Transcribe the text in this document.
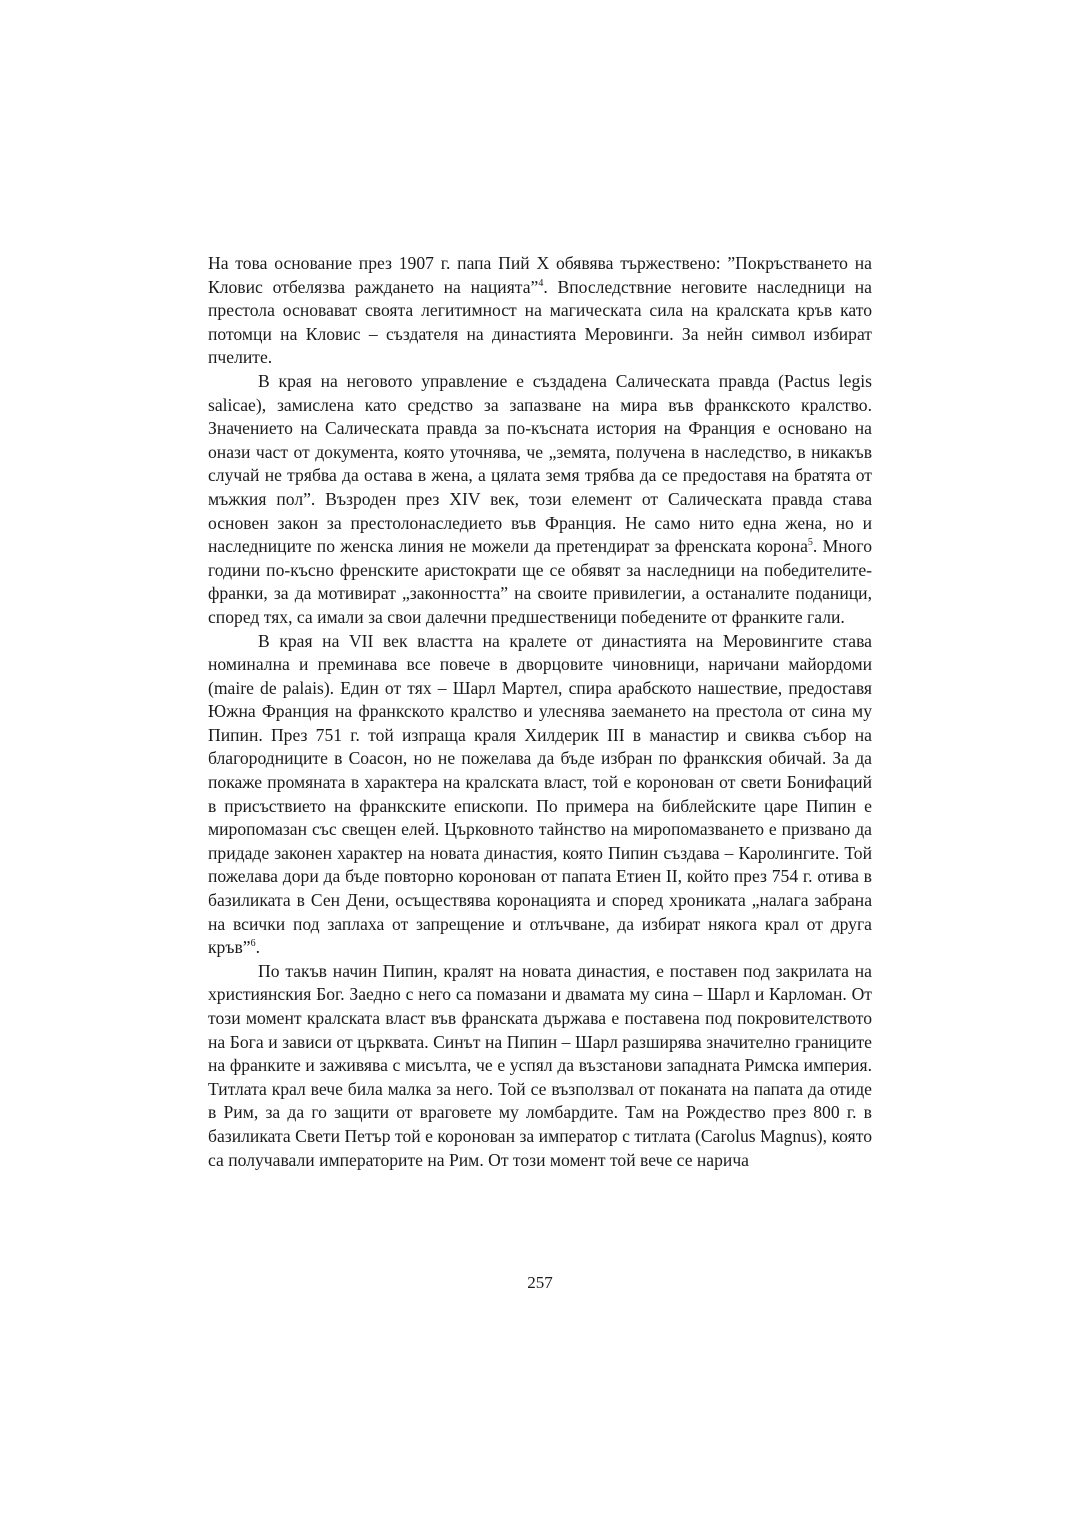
На това основание през 1907 г. папа Пий X обявява тържествено: ”Покръстването на Кловис отбелязва раждането на нацията”$^4$. Впоследствние неговите наследници на престола основават своята легитимност на магическата сила на кралската кръв като потомци на Кловис – създателя на династията Меровинги. За нейн символ избират пчелите.

В края на неговото управление е създадена Салическата правда (Pactus legis salicae), замислена като средство за запазване на мира във франкското кралство. Значението на Салическата правда за по-късната история на Франция е основано на онази част от документа, която уточнява, че „земята, получена в наследство, в никакъв случай не трябва да остава в жена, а цялата земя трябва да се предоставя на братята от мъжкия пол”. Възроден през XIV век, този елемент от Салическата правда става основен закон за престолонаследието във Франция. Не само нито една жена, но и наследниците по женска линия не можели да претендират за френската корона$^5$. Много години по-късно френските аристократи ще се обявят за наследници на победителите-франки, за да мотивират „законността” на своите привилегии, а останалите поданици, според тях, са имали за свои далечни предшественици победените от франките гали.

В края на VII век властта на кралете от династията на Меровингите става номинална и преминава все повече в дворцовите чиновници, наричани майордоми (maire de palais). Един от тях – Шарл Мартел, спира арабското нашествие, предоставя Южна Франция на франкското кралство и улеснява заемането на престола от сина му Пипин. През 751 г. той изпраща краля Хилдерик III в манастир и свиква събор на благородниците в Соасон, но не пожелава да бъде избран по франкския обичай. За да покаже промяната в характера на кралската власт, той е коронован от свети Бонифаций в присъствието на франкските епископи. По примера на библейските царе Пипин е миропомазан със свещен елей. Църковното тайнство на миропомазването е призвано да придаде законен характер на новата династия, която Пипин създава – Каролингите. Той пожелава дори да бъде повторно коронован от папата Етиен II, който през 754 г. отива в базиликата в Сен Дени, осъществява коронацията и според хрониката „налага забрана на всички под заплаха от запрещение и отлъчване, да избират някога крал от друга кръв”$^6$.

По такъв начин Пипин, кралят на новата династия, е поставен под закрилата на християнския Бог. Заедно с него са помазани и двамата му сина – Шарл и Карломан. От този момент кралската власт във франската държава е поставена под покровителството на Бога и зависи от църквата. Синът на Пипин – Шарл разширява значително границите на франките и заживява с мисълта, че е успял да възстанови западната Римска империя. Титлата крал вече била малка за него. Той се възползвал от поканата на папата да отиде в Рим, за да го защити от враговете му ломбардите. Там на Рождество през 800 г. в базиликата Свети Петър той е коронован за император с титлата (Carolus Magnus), която са получавали императорите на Рим. От този момент той вече се нарича

257
